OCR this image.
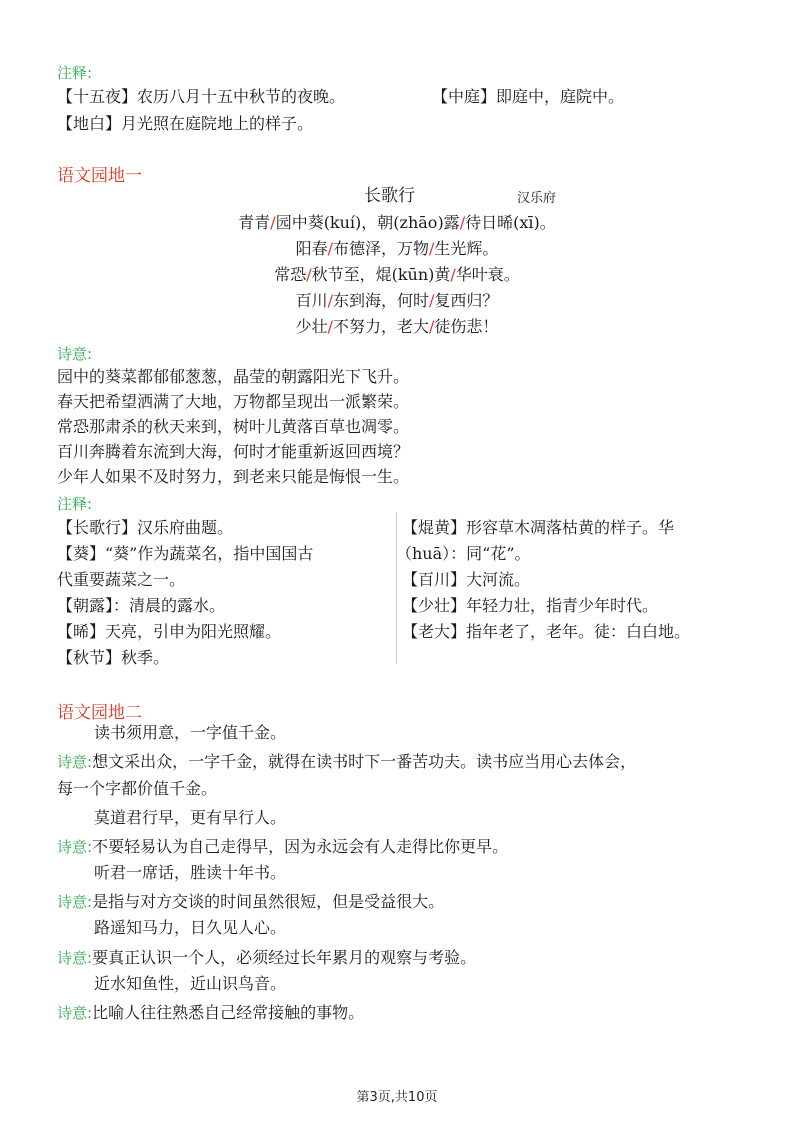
注释:
【十五夜】农历八月十五中秋节的夜晚。	【中庭】即庭中，庭院中。
【地白】月光照在庭院地上的样子。
语文园地一
长歌行	汉乐府
青青/园中葵(kuí)，朝(zhāo)露/待日晞(xī)。
阳春/布德泽，万物/生光辉。
常恐/秋节至，焜(kūn)黄/华叶衰。
百川/东到海，何时/复西归？
少壮/不努力，老大/徒伤悲！
诗意:
园中的葵菜都郁郁葱葱，晶莹的朝露阳光下飞升。
春天把希望洒满了大地，万物都呈现出一派繁荣。
常恐那肃杀的秋天来到，树叶儿黄落百草也凋零。
百川奔腾着东流到大海，何时才能重新返回西境？
少年人如果不及时努力，到老来只能是悔恨一生。
注释:
【长歌行】汉乐府曲题。
【葵】“葵”作为蔬菜名，指中国国古
代重要蔬菜之一。
【朝露】：清晨的露水。
【晞】天亮，引申为阳光照耀。
【秋节】秋季。
【焜黄】形容草木凋落枯黄的样子。华
（huā）：同“花”。
【百川】大河流。
【少壮】年轻力壮，指青少年时代。
【老大】指年老了，老年。徒：白白地。
语文园地二
读书须用意，一字值千金。
诗意:想文采出众，一字千金，就得在读书时下一番苦功夫。读书应当用心去体会，
每一个字都价值千金。
莫道君行早，更有早行人。
诗意:不要轻易认为自己走得早，因为永远会有人走得比你更早。
听君一席话，胜读十年书。
诗意:是指与对方交谈的时间虽然很短，但是受益很大。
路遥知马力，日久见人心。
诗意:要真正认识一个人，必须经过长年累月的观察与考验。
近水知鱼性，近山识鸟音。
诗意:比喻人往往熟悉自己经常接触的事物。
第3页,共10页
